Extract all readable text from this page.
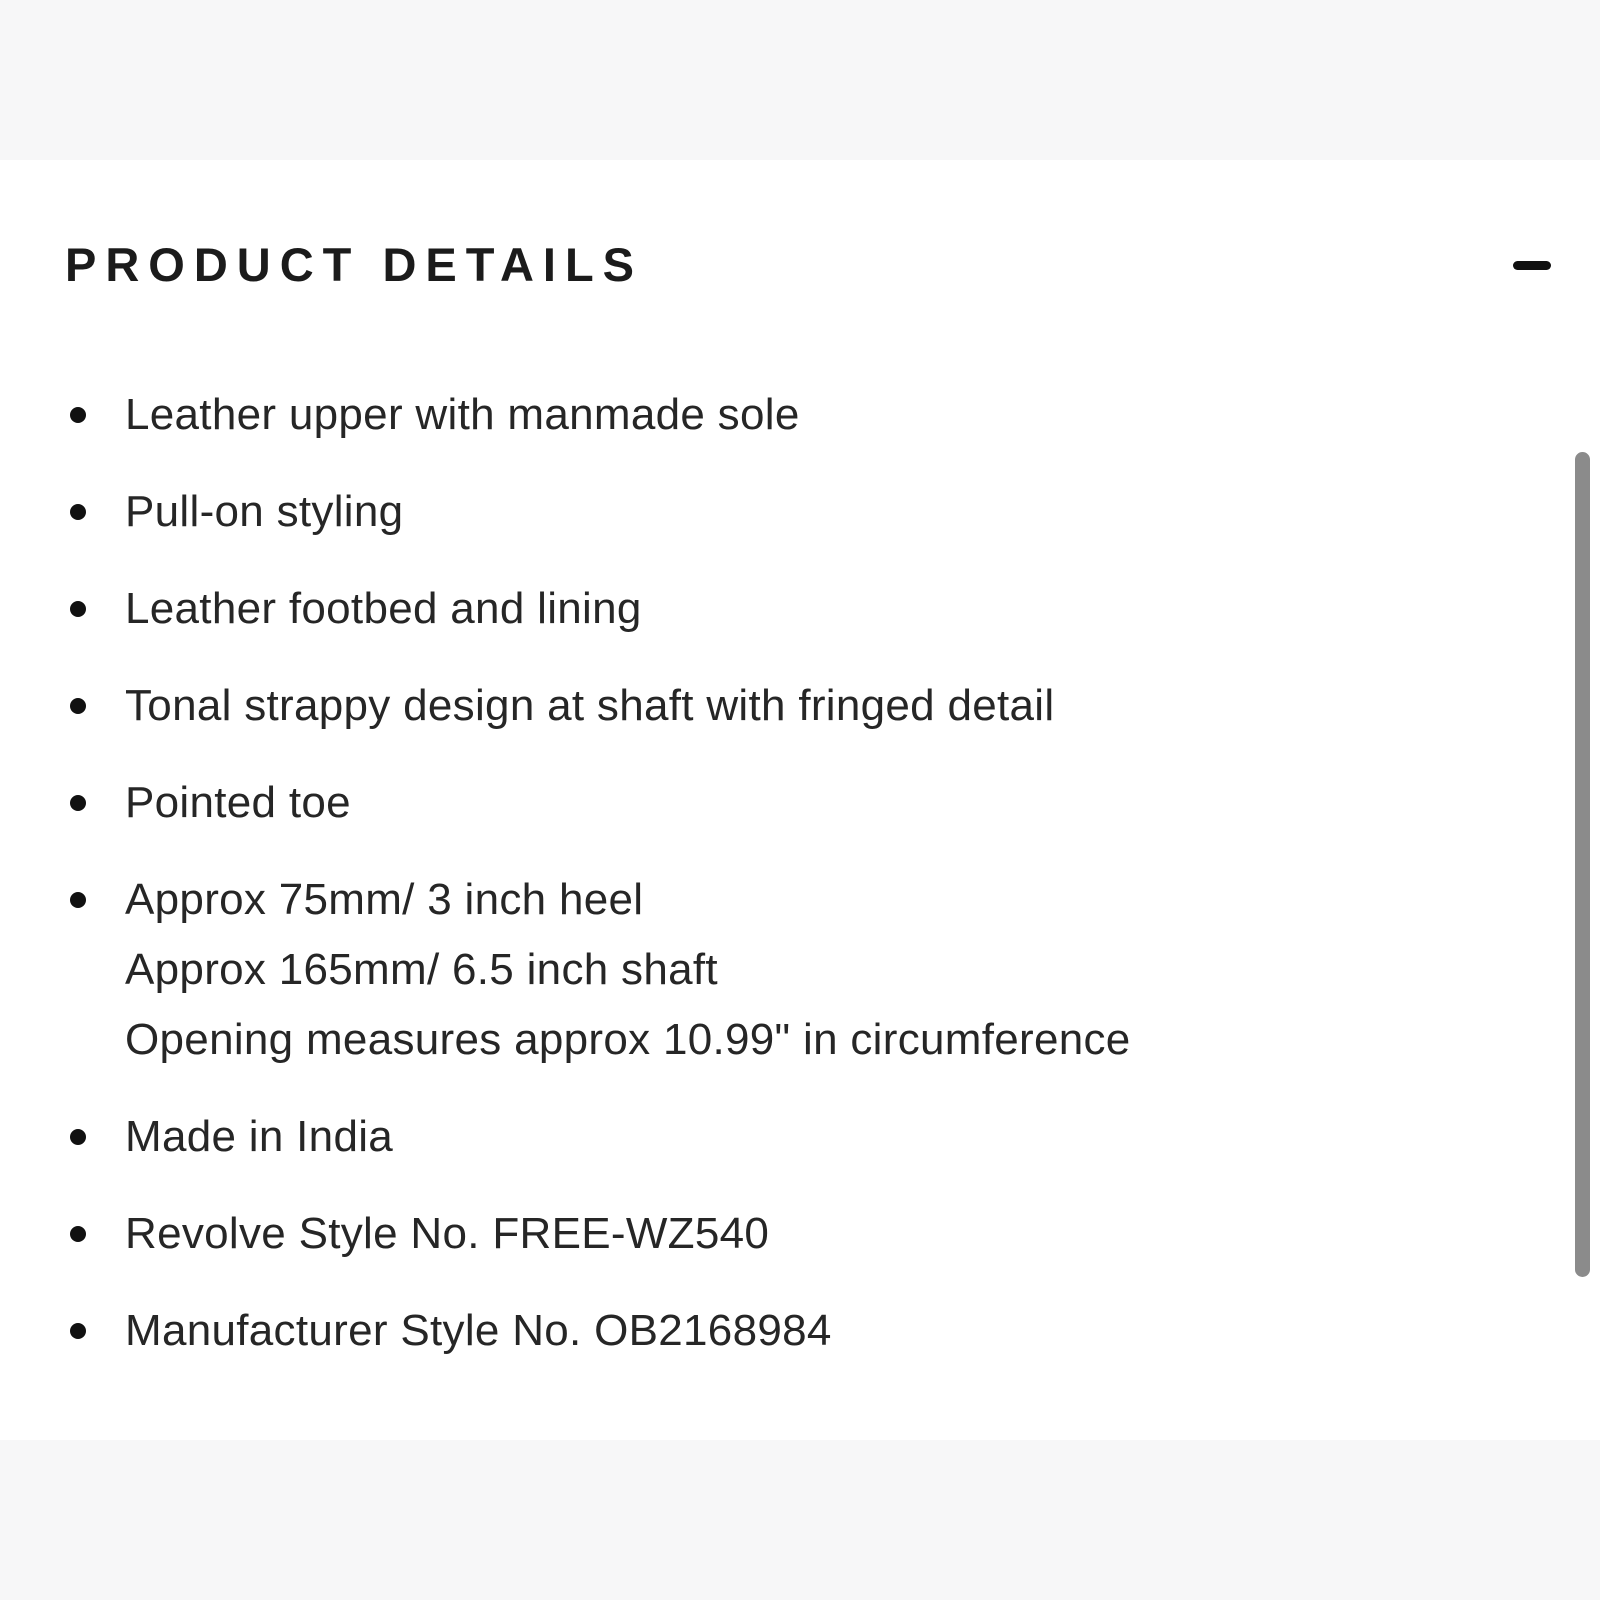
PRODUCT DETAILS
Leather upper with manmade sole
Pull-on styling
Leather footbed and lining
Tonal strappy design at shaft with fringed detail
Pointed toe
Approx 75mm/ 3 inch heel
Approx 165mm/ 6.5 inch shaft
Opening measures approx 10.99" in circumference
Made in India
Revolve Style No. FREE-WZ540
Manufacturer Style No. OB2168984
